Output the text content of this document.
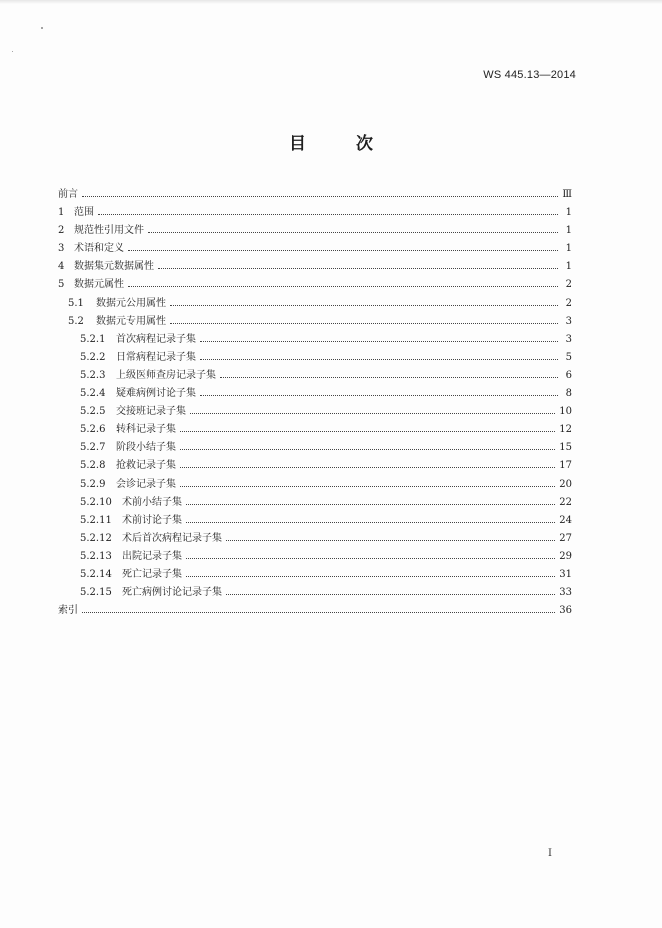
WS 445.13—2014
目 次
前言	Ⅲ
1 范围	1
2 规范性引用文件	1
3 术语和定义	1
4 数据集元数据属性	1
5 数据元属性	2
5.1	数据元公用属性	2
5.2	数据元专用属性	3
5.2.1	首次病程记录子集	3
5.2.2	日常病程记录子集	5
5.2.3	上级医师查房记录子集	6
5.2.4	疑难病例讨论子集	8
5.2.5	交接班记录子集	10
5.2.6	转科记录子集	12
5.2.7	阶段小结子集	15
5.2.8	抢救记录子集	17
5.2.9	会诊记录子集	20
5.2.10	术前小结子集	22
5.2.11	术前讨论子集	24
5.2.12	术后首次病程记录子集	27
5.2.13	出院记录子集	29
5.2.14	死亡记录子集	31
5.2.15	死亡病例讨论记录子集	33
索引	36
I
